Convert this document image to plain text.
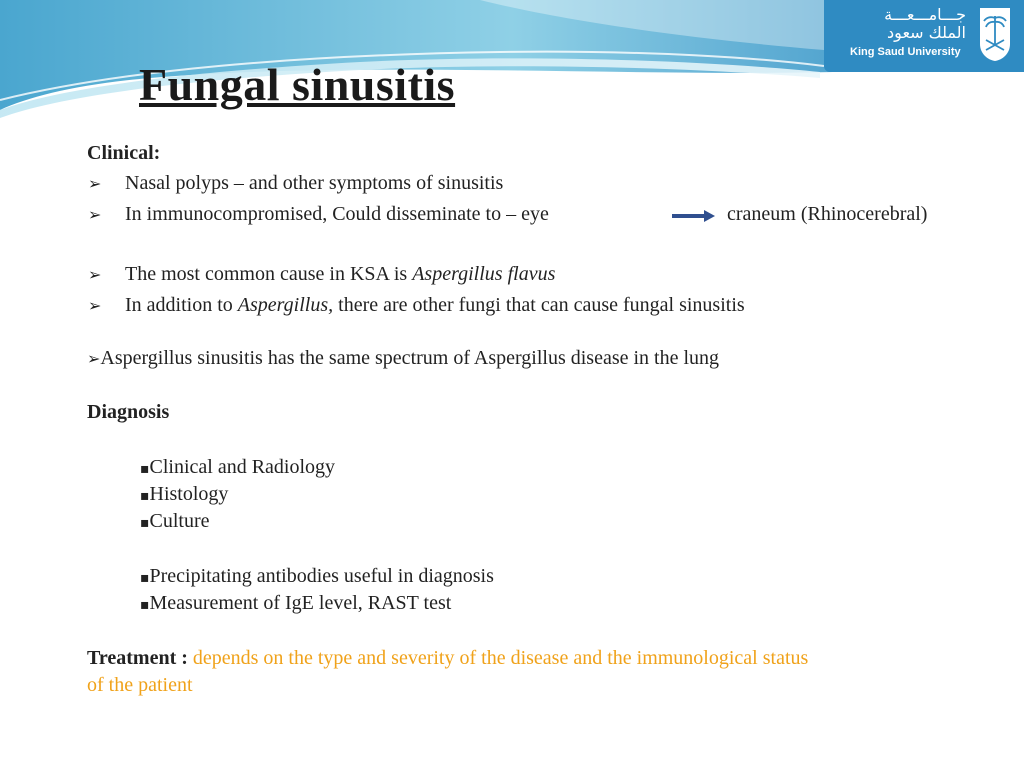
جـــامـــعـــة
الملك سعود
King Saud University
Fungal sinusitis
Clinical:
➢ Nasal polyps – and other symptoms of sinusitis
➢ In immunocompromised, Could disseminate to – eye	craneum (Rhinocerebral)
➢ The most common cause in KSA is Aspergillus flavus
➢ In addition to Aspergillus, there are other fungi that can cause fungal sinusitis
➢Aspergillus sinusitis has the same spectrum of Aspergillus disease in the lung
Diagnosis
▪Clinical and Radiology
▪Histology
▪Culture
▪Precipitating antibodies useful in diagnosis
▪Measurement of IgE level, RAST test
Treatment : depends on the type and severity of the disease and the immunological status
of the patient
